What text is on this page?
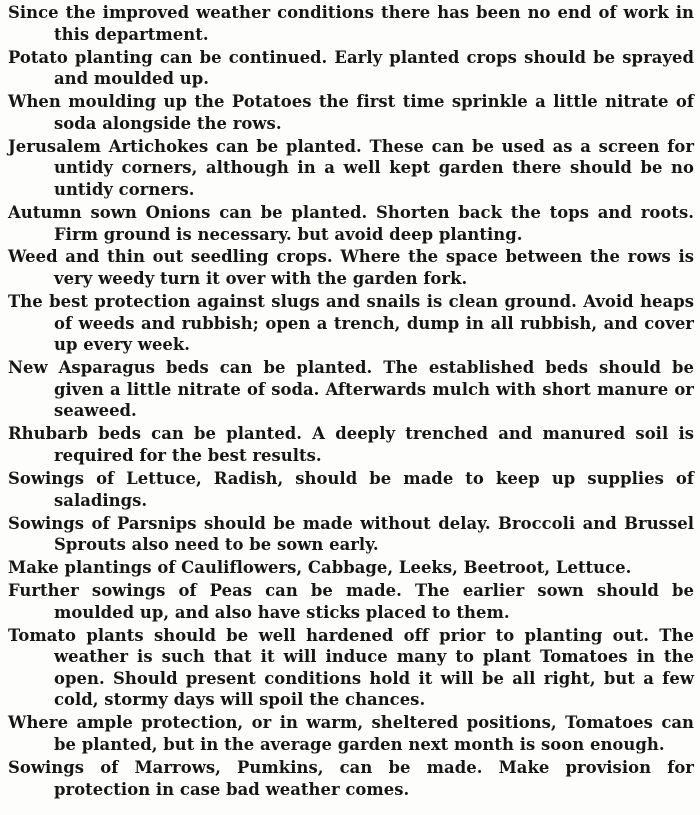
Since the improved weather conditions there has been no end of work in this department.

Potato planting can be continued. Early planted crops should be sprayed and moulded up.

When moulding up the Potatoes the first time sprinkle a little nitrate of soda alongside the rows.

Jerusalem Artichokes can be planted. These can be used as a screen for untidy corners, although in a well kept garden there should be no untidy corners.

Autumn sown Onions can be planted. Shorten back the tops and roots. Firm ground is necessary. but avoid deep planting.

Weed and thin out seedling crops. Where the space between the rows is very weedy turn it over with the garden fork.

The best protection against slugs and snails is clean ground. Avoid heaps of weeds and rubbish; open a trench, dump in all rubbish, and cover up every week.

New Asparagus beds can be planted. The established beds should be given a little nitrate of soda. Afterwards mulch with short manure or seaweed.

Rhubarb beds can be planted. A deeply trenched and manured soil is required for the best results.

Sowings of Lettuce, Radish, should be made to keep up supplies of saladings.

Sowings of Parsnips should be made without delay. Broccoli and Brussel Sprouts also need to be sown early.

Make plantings of Cauliflowers, Cabbage, Leeks, Beetroot, Lettuce.

Further sowings of Peas can be made. The earlier sown should be moulded up, and also have sticks placed to them.

Tomato plants should be well hardened off prior to planting out. The weather is such that it will induce many to plant Tomatoes in the open. Should present conditions hold it will be all right, but a few cold, stormy days will spoil the chances.

Where ample protection, or in warm, sheltered positions, Tomatoes can be planted, but in the average garden next month is soon enough.

Sowings of Marrows, Pumkins, can be made. Make provision for protection in case bad weather comes.
